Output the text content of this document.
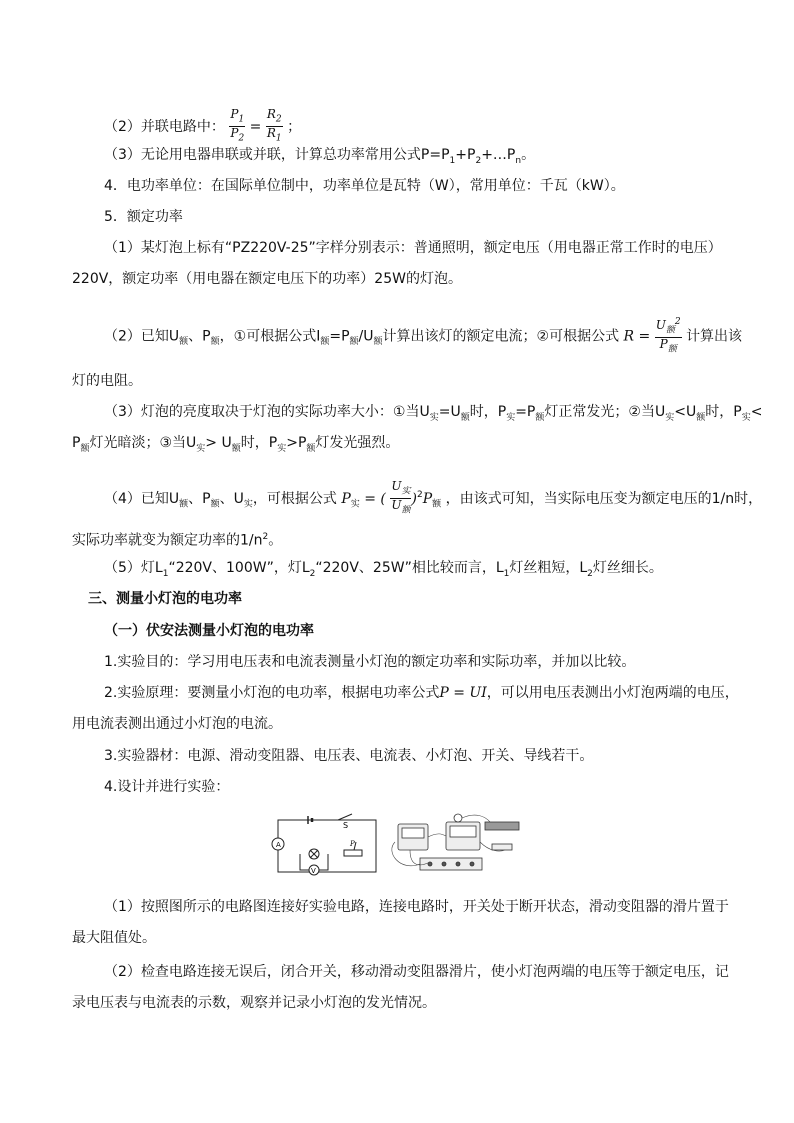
（2）并联电路中： $\frac{P_1}{P_2} = \frac{R_2}{R_1}$ ；
（3）无论用电器串联或并联，计算总功率常用公式$P=P_1+P_2+\dots P_n$。
4．电功率单位：在国际单位制中，功率单位是瓦特（W），常用单位：千瓦（kW）。
5．额定功率
（1）某灯泡上标有“PZ220V-25”字样分别表示：普通照明，额定电压（用电器正常工作时的电压）
220V，额定功率（用电器在额定电压下的功率）25W的灯泡。
（2）已知$U_额$、$P_额$，①可根据公式$I_额=P_额/U_额$计算出该灯的额定电流；②可根据公式 $R = \frac{U_额^2}{P_额}$ 计算出该
灯的电阻。
（3）灯泡的亮度取决于灯泡的实际功率大小：①当$U_实=U_额$时，$P_实=P_额$灯正常发光；②当$U_实<U_额$时，$P_实<$
$P_额$灯光暗淡；③当$U_实> U_额$时，$P_实>P_额$灯发光强烈。
（4）已知$U_额$、$P_额$、$U_实$，可根据公式 $P_实$ = ( $\frac{U_实}{U_额} )^2P_额$ ，由该式可知，当实际电压变为额定电压的1/n时，
实际功率就变为额定功率的$1/n^2$。
（5）灯$L_1“220V$、100W”，灯$L_2“220V$、25W”相比较而言，$L_1$灯丝粗短，$L_2$灯丝细长。
三、测量小灯泡的电功率
（一）伏安法测量小灯泡的电功率
1.实验目的：学习用电压表和电流表测量小灯泡的额定功率和实际功率，并加以比较。
2.实验原理：要测量小灯泡的电功率，根据电功率公式P = UI，可以用电压表测出小灯泡两端的电压，
用电流表测出通过小灯泡的电流。
3.实验器材：电源、滑动变阻器、电压表、电流表、小灯泡、开关、导线若干。
4.设计并进行实验：
A
V
S
P
（1）按照图所示的电路图连接好实验电路，连接电路时，开关处于断开状态，滑动变阻器的滑片置于
最大阻值处。
（2）检查电路连接无误后，闭合开关，移动滑动变阻器滑片，使小灯泡两端的电压等于额定电压，记
录电压表与电流表的示数，观察并记录小灯泡的发光情况。
